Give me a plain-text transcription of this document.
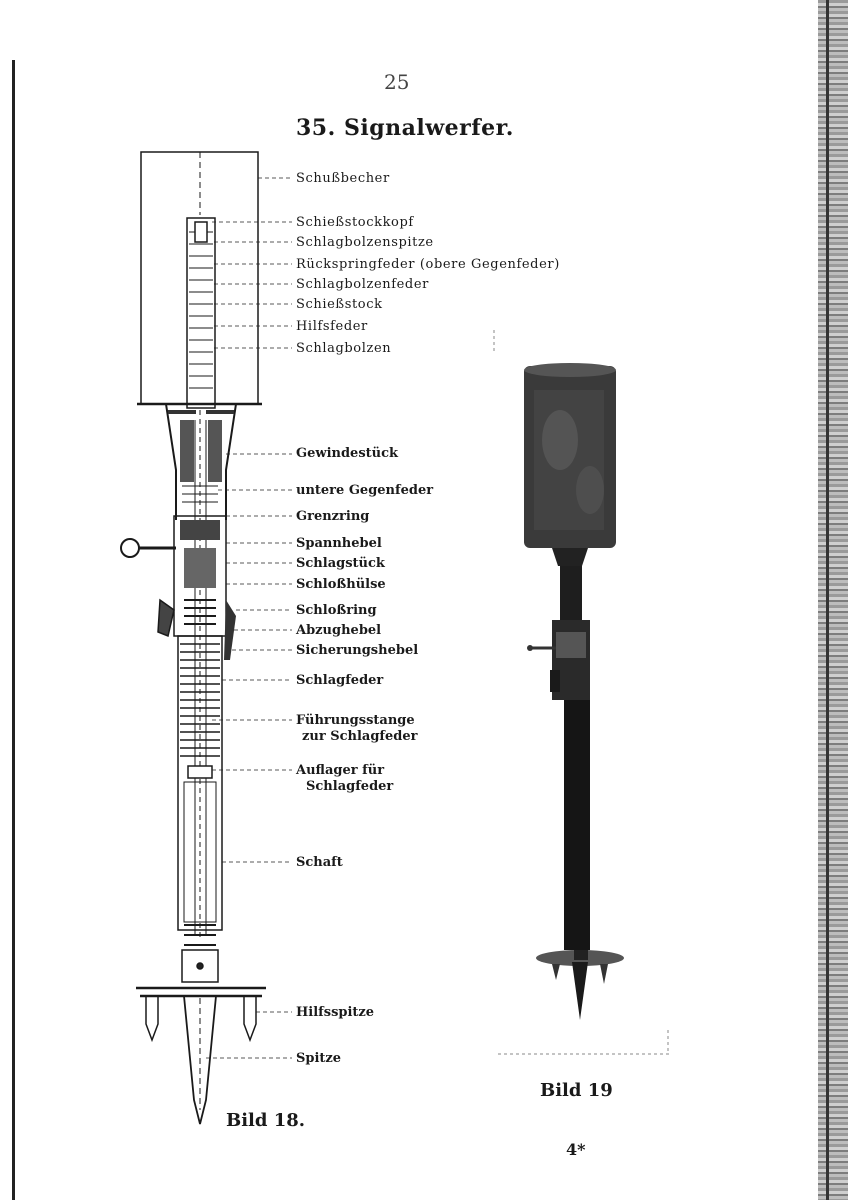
25
35. Signalwerfer.
Schußbecher
Schießstockkopf
Schlagbolzenspitze
Rückspringfeder (obere Gegenfeder)
Schlagbolzenfeder
Schießstock
Hilfsfeder
Schlagbolzen
Gewindestück
untere Gegenfeder
Grenzring
Spannhebel
Schlagstück
Schloßhülse
Schloßring
Abzughebel
Sicherungshebel
Schlagfeder
Führungsstange
zur Schlagfeder
Auflager für
Schlagfeder
Schaft
Hilfsspitze
Spitze
Bild 18.
Bild 19
4*
